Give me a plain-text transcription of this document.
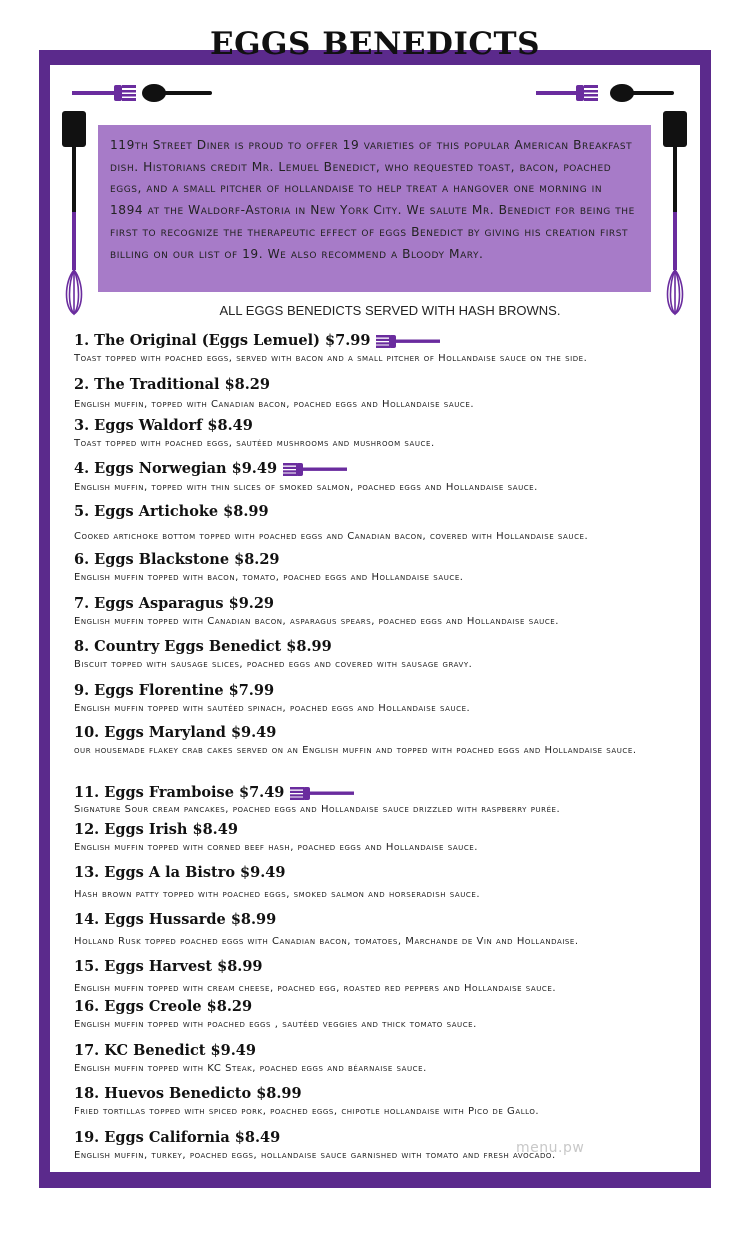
EGGS BENEDICTS
119th Street Diner is proud to offer 19 varieties of this popular American Breakfast dish. Historians credit Mr. Lemuel Benedict, who requested toast, bacon, poached eggs, and a small pitcher of hollandaise to help treat a hangover one morning in 1894 at the Waldorf-Astoria in New York City. We salute Mr. Benedict for being the first to recognize the therapeutic effect of eggs Benedict by giving his creation first billing on our list of 19. We also recommend a Bloody Mary.
ALL EGGS BENEDICTS SERVED WITH HASH BROWNS.
1. The Original (Eggs Lemuel) $7.99
Toast topped with poached eggs, served with bacon and a small pitcher of Hollandaise sauce on the side.
2. The Traditional $8.29
English muffin, topped with Canadian bacon, poached eggs and Hollandaise sauce.
3. Eggs Waldorf $8.49
Toast topped with poached eggs, sautéed mushrooms and mushroom sauce.
4. Eggs Norwegian $9.49
English muffin, topped with thin slices of smoked salmon, poached eggs and Hollandaise sauce.
5. Eggs Artichoke $8.99
Cooked artichoke bottom topped with poached eggs and Canadian bacon, covered with Hollandaise sauce.
6. Eggs Blackstone $8.29
English muffin topped with bacon, tomato, poached eggs and Hollandaise sauce.
7. Eggs Asparagus $9.29
English muffin topped with Canadian bacon, asparagus spears, poached eggs and Hollandaise sauce.
8. Country Eggs Benedict $8.99
Biscuit topped with sausage slices, poached eggs and covered with sausage gravy.
9. Eggs Florentine $7.99
English muffin topped with sautéed spinach, poached eggs and Hollandaise sauce.
10. Eggs Maryland $9.49
our housemade flakey crab cakes served on an English muffin and topped with poached eggs and Hollandaise sauce.
11. Eggs Framboise $7.49
Signature Sour cream pancakes, poached eggs and Hollandaise sauce drizzled with raspberry purée.
12. Eggs Irish $8.49
English muffin topped with corned beef hash, poached eggs and Hollandaise sauce.
13. Eggs A la Bistro $9.49
Hash brown patty topped with poached eggs, smoked salmon and horseradish sauce.
14. Eggs Hussarde $8.99
Holland Rusk topped poached eggs with Canadian bacon, tomatoes, Marchande de Vin and Hollandaise.
15. Eggs Harvest $8.99
English muffin topped with cream cheese, poached egg, roasted red peppers and Hollandaise sauce.
16. Eggs Creole $8.29
English muffin topped with poached eggs , sautéed veggies and thick tomato sauce.
17. KC Benedict $9.49
English muffin topped with KC Steak, poached eggs and béarnaise sauce.
18. Huevos Benedicto $8.99
Fried tortillas topped with spiced pork, poached eggs, chipotle hollandaise with Pico de Gallo.
19. Eggs California $8.49
English muffin, turkey, poached eggs, hollandaise sauce garnished with tomato and fresh avocado.
menu.pw
